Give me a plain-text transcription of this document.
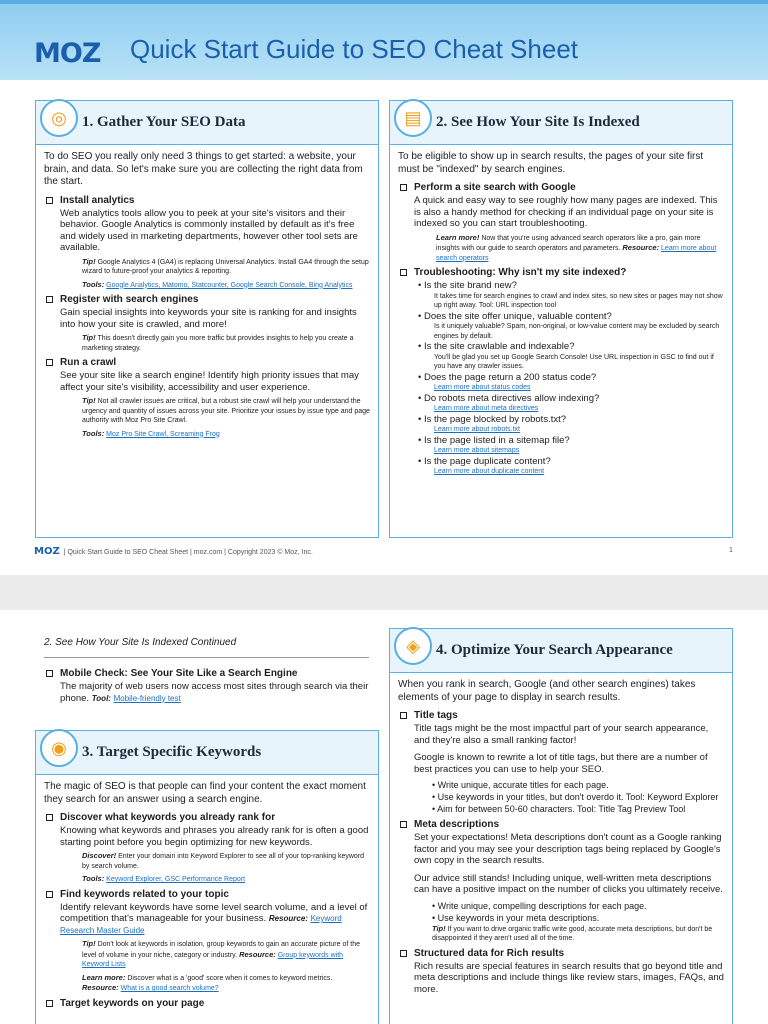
MOZ Quick Start Guide to SEO Cheat Sheet
◎	1. Gather Your SEO Data
To do SEO you really only need 3 things to get started: a website, your brain, and data. So let's make sure you are collecting the right data from the start.
Install analytics
Web analytics tools allow you to peek at your site's visitors and their behavior. Google Analytics is commonly installed by default as it's free and widely used in marketing departments, however other tool sets are available.
Tip! Google Analytics 4 (GA4) is replacing Universal Analytics. Install GA4 through the setup wizard to future-proof your analytics & reporting.
Tools: Google Analytics, Matomo, Statcounter, Google Search Console, Bing Analytics
Register with search engines
Gain special insights into keywords your site is ranking for and insights into how your site is crawled, and more!
Tip! This doesn't directly gain you more traffic but provides insights to help you create a marketing strategy.
Run a crawl
See your site like a search engine! Identify high priority issues that may affect your site's visibility, accessibility and user experience.
Tip! Not all crawler issues are critical, but a robust site crawl will help your understand the urgency and quantity of issues across your site. Prioritize your issues by issue type and page authority with Moz Pro Site Crawl.
Tools: Moz Pro Site Crawl, Screaming Frog
▤ 2. See How Your Site Is Indexed
To be eligible to show up in search results, the pages of your site first must be "indexed" by search engines.
Perform a site search with Google
A quick and easy way to see roughly how many pages are indexed. This is also a handy method for checking if an individual page on your site is indexed so you can start troubleshooting.
Learn more! Now that you're using advanced search operators like a pro, gain more insights with our guide to search operators and parameters. Resource: Learn more about search operators
Troubleshooting: Why isn't my site indexed?
• Is the site brand new?
It takes time for search engines to crawl and index sites, so new sites or pages may not show up right away. Tool: URL inspection tool
• Does the site offer unique, valuable content?
Is it uniquely valuable? Spam, non-original, or low-value content may be excluded by search engines by default.
• Is the site crawlable and indexable?
You'll be glad you set up Google Search Console! Use URL inspection in GSC to find out if you have any crawler issues.
• Does the page return a 200 status code?
Learn more about status codes
• Do robots meta directives allow indexing?
Learn more about meta directives
• Is the page blocked by robots.txt?
Learn more about robots.txt
• Is the page listed in a sitemap file?
Learn more about sitemaps
• Is the page duplicate content?
Learn more about duplicate content
MOZ | Quick Start Guide to SEO Cheat Sheet | moz.com | Copyright 2023 © Moz, Inc.	1
2. See How Your Site Is Indexed Continued
Mobile Check: See Your Site Like a Search Engine
The majority of web users now access most sites through search via their phone. Tool: Mobile-friendly test
◉	3. Target Specific Keywords
The magic of SEO is that people can find your content the exact moment they search for an answer using a search engine.
Discover what keywords you already rank for
Knowing what keywords and phrases you already rank for is often a good starting point before you begin optimizing for new keywords.
Discover! Enter your domain into Keyword Explorer to see all of your top-ranking keyword by search volume.
Tools: Keyword Explorer, GSC Performance Report
Find keywords related to your topic
Identify relevant keywords have some level search volume, and a level of competition that's manageable for your business. Resource: Keyword Research Master Guide
Tip! Don't look at keywords in isolation, group keywords to gain an accurate picture of the level of volume in your niche, category or industry. Resource: Group keywords with Keyword Lists
Learn more: Discover what is a 'good' score when it comes to keyword metrics.
Resource: What is a good search volume?
Target keywords on your page
◈	4. Optimize Your Search Appearance
When you rank in search, Google (and other search engines) takes elements of your page to display in search results.
Title tags
Title tags might be the most impactful part of your search appearance, and they're also a small ranking factor!
Google is known to rewrite a lot of title tags, but there are a number of best practices you can use to help your SEO.
• Write unique, accurate titles for each page.
• Use keywords in your titles, but don't overdo it. Tool: Keyword Explorer
• Aim for between 50-60 characters. Tool: Title Tag Preview Tool
Meta descriptions
Set your expectations! Meta descriptions don't count as a Google ranking factor and you may see your description tags being replaced by Google's own copy in the search results.
Our advice still stands! Including unique, well-written meta descriptions can have a positive impact on the number of clicks you ultimately receive.
• Write unique, compelling descriptions for each page.
• Use keywords in your meta descriptions.
Tip! If you want to drive organic traffic write good, accurate meta descriptions, but don't be disappointed if they aren't used all of the time.
Structured data for Rich results
Rich results are special features in search results that go beyond title and meta descriptions and include things like review stars, images, FAQs, and more.
